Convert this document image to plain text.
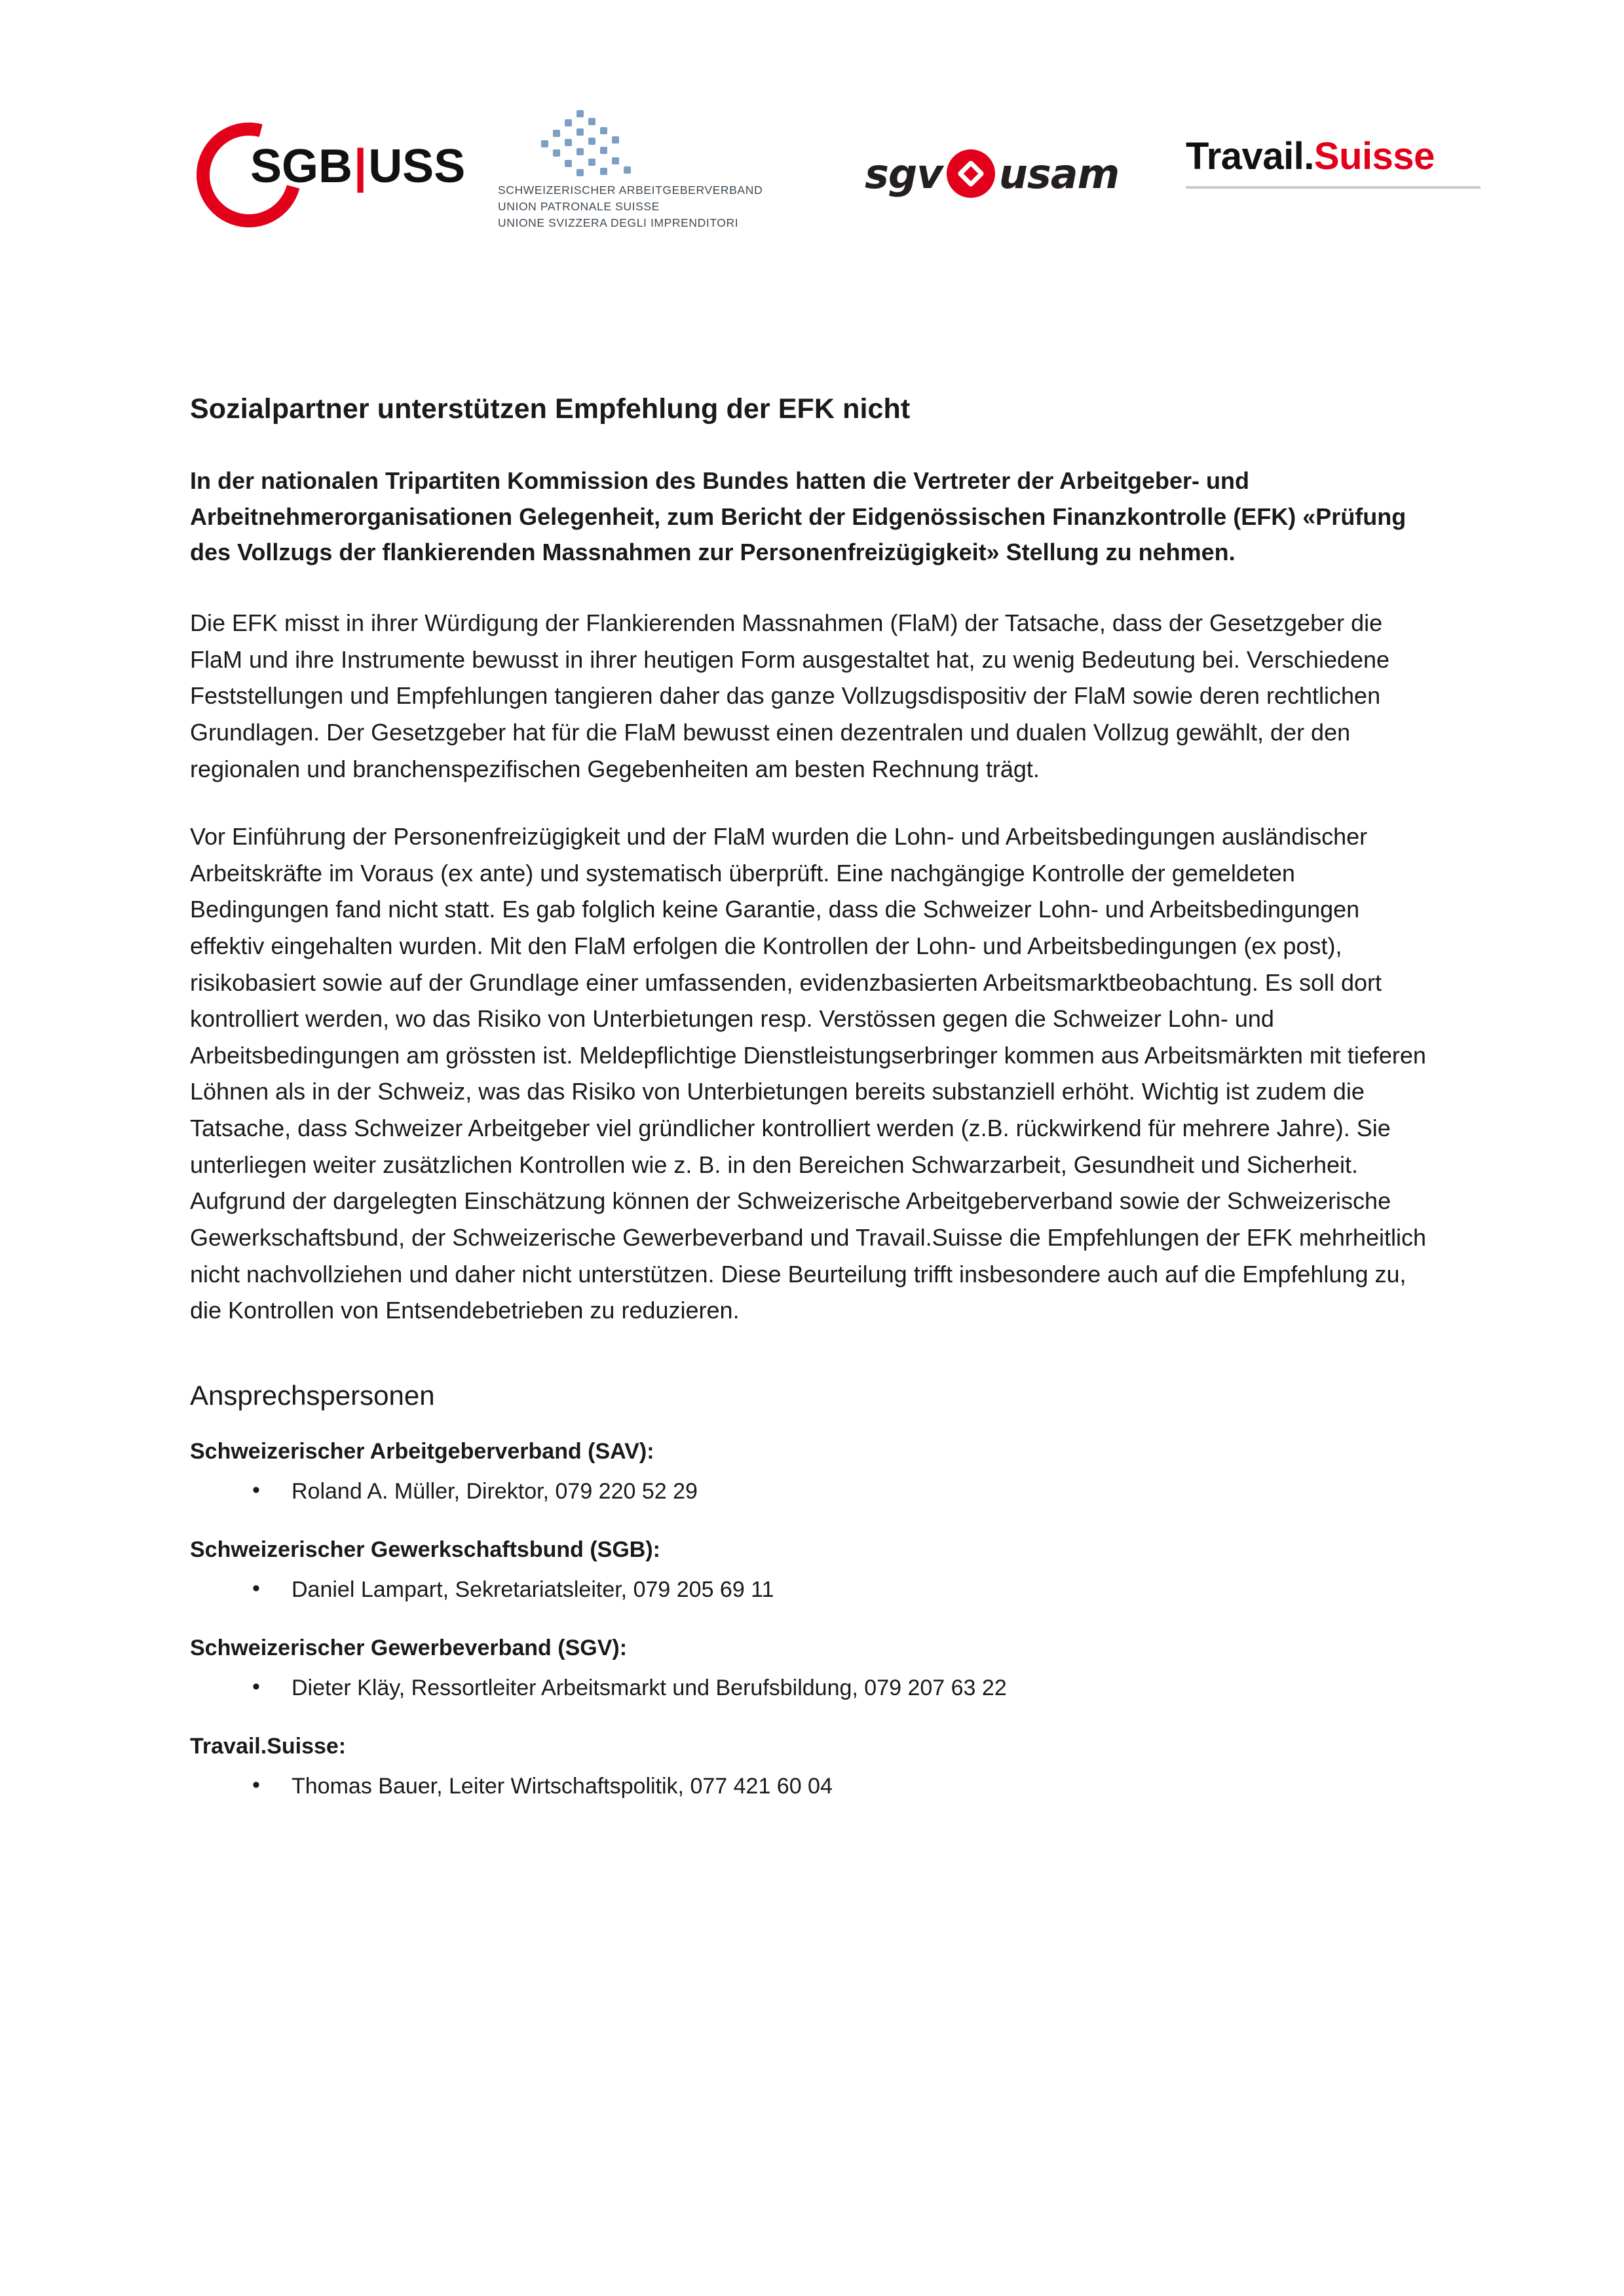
SGB|USS	SCHWEIZERISCHER ARBEITGEBERVERBAND
UNION PATRONALE SUISSE
UNIONE SVIZZERA DEGLI IMPRENDITORI
sgv usam Travail.Suisse
Sozialpartner unterstützen Empfehlung der EFK nicht

In der nationalen Tripartiten Kommission des Bundes hatten die Vertreter der Arbeitgeber- und Arbeitnehmerorganisationen Gelegenheit, zum Bericht der Eidgenössischen Finanzkontrolle (EFK) «Prüfung des Vollzugs der flankierenden Massnahmen zur Personenfreizügigkeit» Stellung zu nehmen.

Die EFK misst in ihrer Würdigung der Flankierenden Massnahmen (FlaM) der Tatsache, dass der Gesetzgeber die FlaM und ihre Instrumente bewusst in ihrer heutigen Form ausgestaltet hat, zu wenig Bedeutung bei. Verschiedene Feststellungen und Empfehlungen tangieren daher das ganze Vollzugsdispositiv der FlaM sowie deren rechtlichen Grundlagen. Der Gesetzgeber hat für die FlaM bewusst einen dezentralen und dualen Vollzug gewählt, der den regionalen und branchenspezifischen Gegebenheiten am besten Rechnung trägt.

Vor Einführung der Personenfreizügigkeit und der FlaM wurden die Lohn- und Arbeitsbedingungen ausländischer Arbeitskräfte im Voraus (ex ante) und systematisch überprüft. Eine nachgängige Kontrolle der gemeldeten Bedingungen fand nicht statt. Es gab folglich keine Garantie, dass die Schweizer Lohn- und Arbeitsbedingungen effektiv eingehalten wurden. Mit den FlaM erfolgen die Kontrollen der Lohn- und Arbeitsbedingungen (ex post), risikobasiert sowie auf der Grundlage einer umfassenden, evidenzbasierten Arbeitsmarktbeobachtung. Es soll dort kontrolliert werden, wo das Risiko von Unterbietungen resp. Verstössen gegen die Schweizer Lohn- und Arbeitsbedingungen am grössten ist. Meldepflichtige Dienstleistungserbringer kommen aus Arbeitsmärkten mit tieferen Löhnen als in der Schweiz, was das Risiko von Unterbietungen bereits substanziell erhöht. Wichtig ist zudem die Tatsache, dass Schweizer Arbeitgeber viel gründlicher kontrolliert werden (z.B. rückwirkend für mehrere Jahre). Sie unterliegen weiter zusätzlichen Kontrollen wie z. B. in den Bereichen Schwarzarbeit, Gesundheit und Sicherheit. Aufgrund der dargelegten Einschätzung können der Schweizerische Arbeitgeberverband sowie der Schweizerische Gewerkschaftsbund, der Schweizerische Gewerbeverband und Travail.Suisse die Empfehlungen der EFK mehrheitlich nicht nachvollziehen und daher nicht unterstützen. Diese Beurteilung trifft insbesondere auch auf die Empfehlung zu, die Kontrollen von Entsendebetrieben zu reduzieren.

Ansprechspersonen

Schweizerischer Arbeitgeberverband (SAV):

• Roland A. Müller, Direktor, 079 220 52 29

Schweizerischer Gewerkschaftsbund (SGB):

• Daniel Lampart, Sekretariatsleiter, 079 205 69 11

Schweizerischer Gewerbeverband (SGV):

• Dieter Kläy, Ressortleiter Arbeitsmarkt und Berufsbildung, 079 207 63 22

Travail.Suisse:

• Thomas Bauer, Leiter Wirtschaftspolitik, 077 421 60 04
